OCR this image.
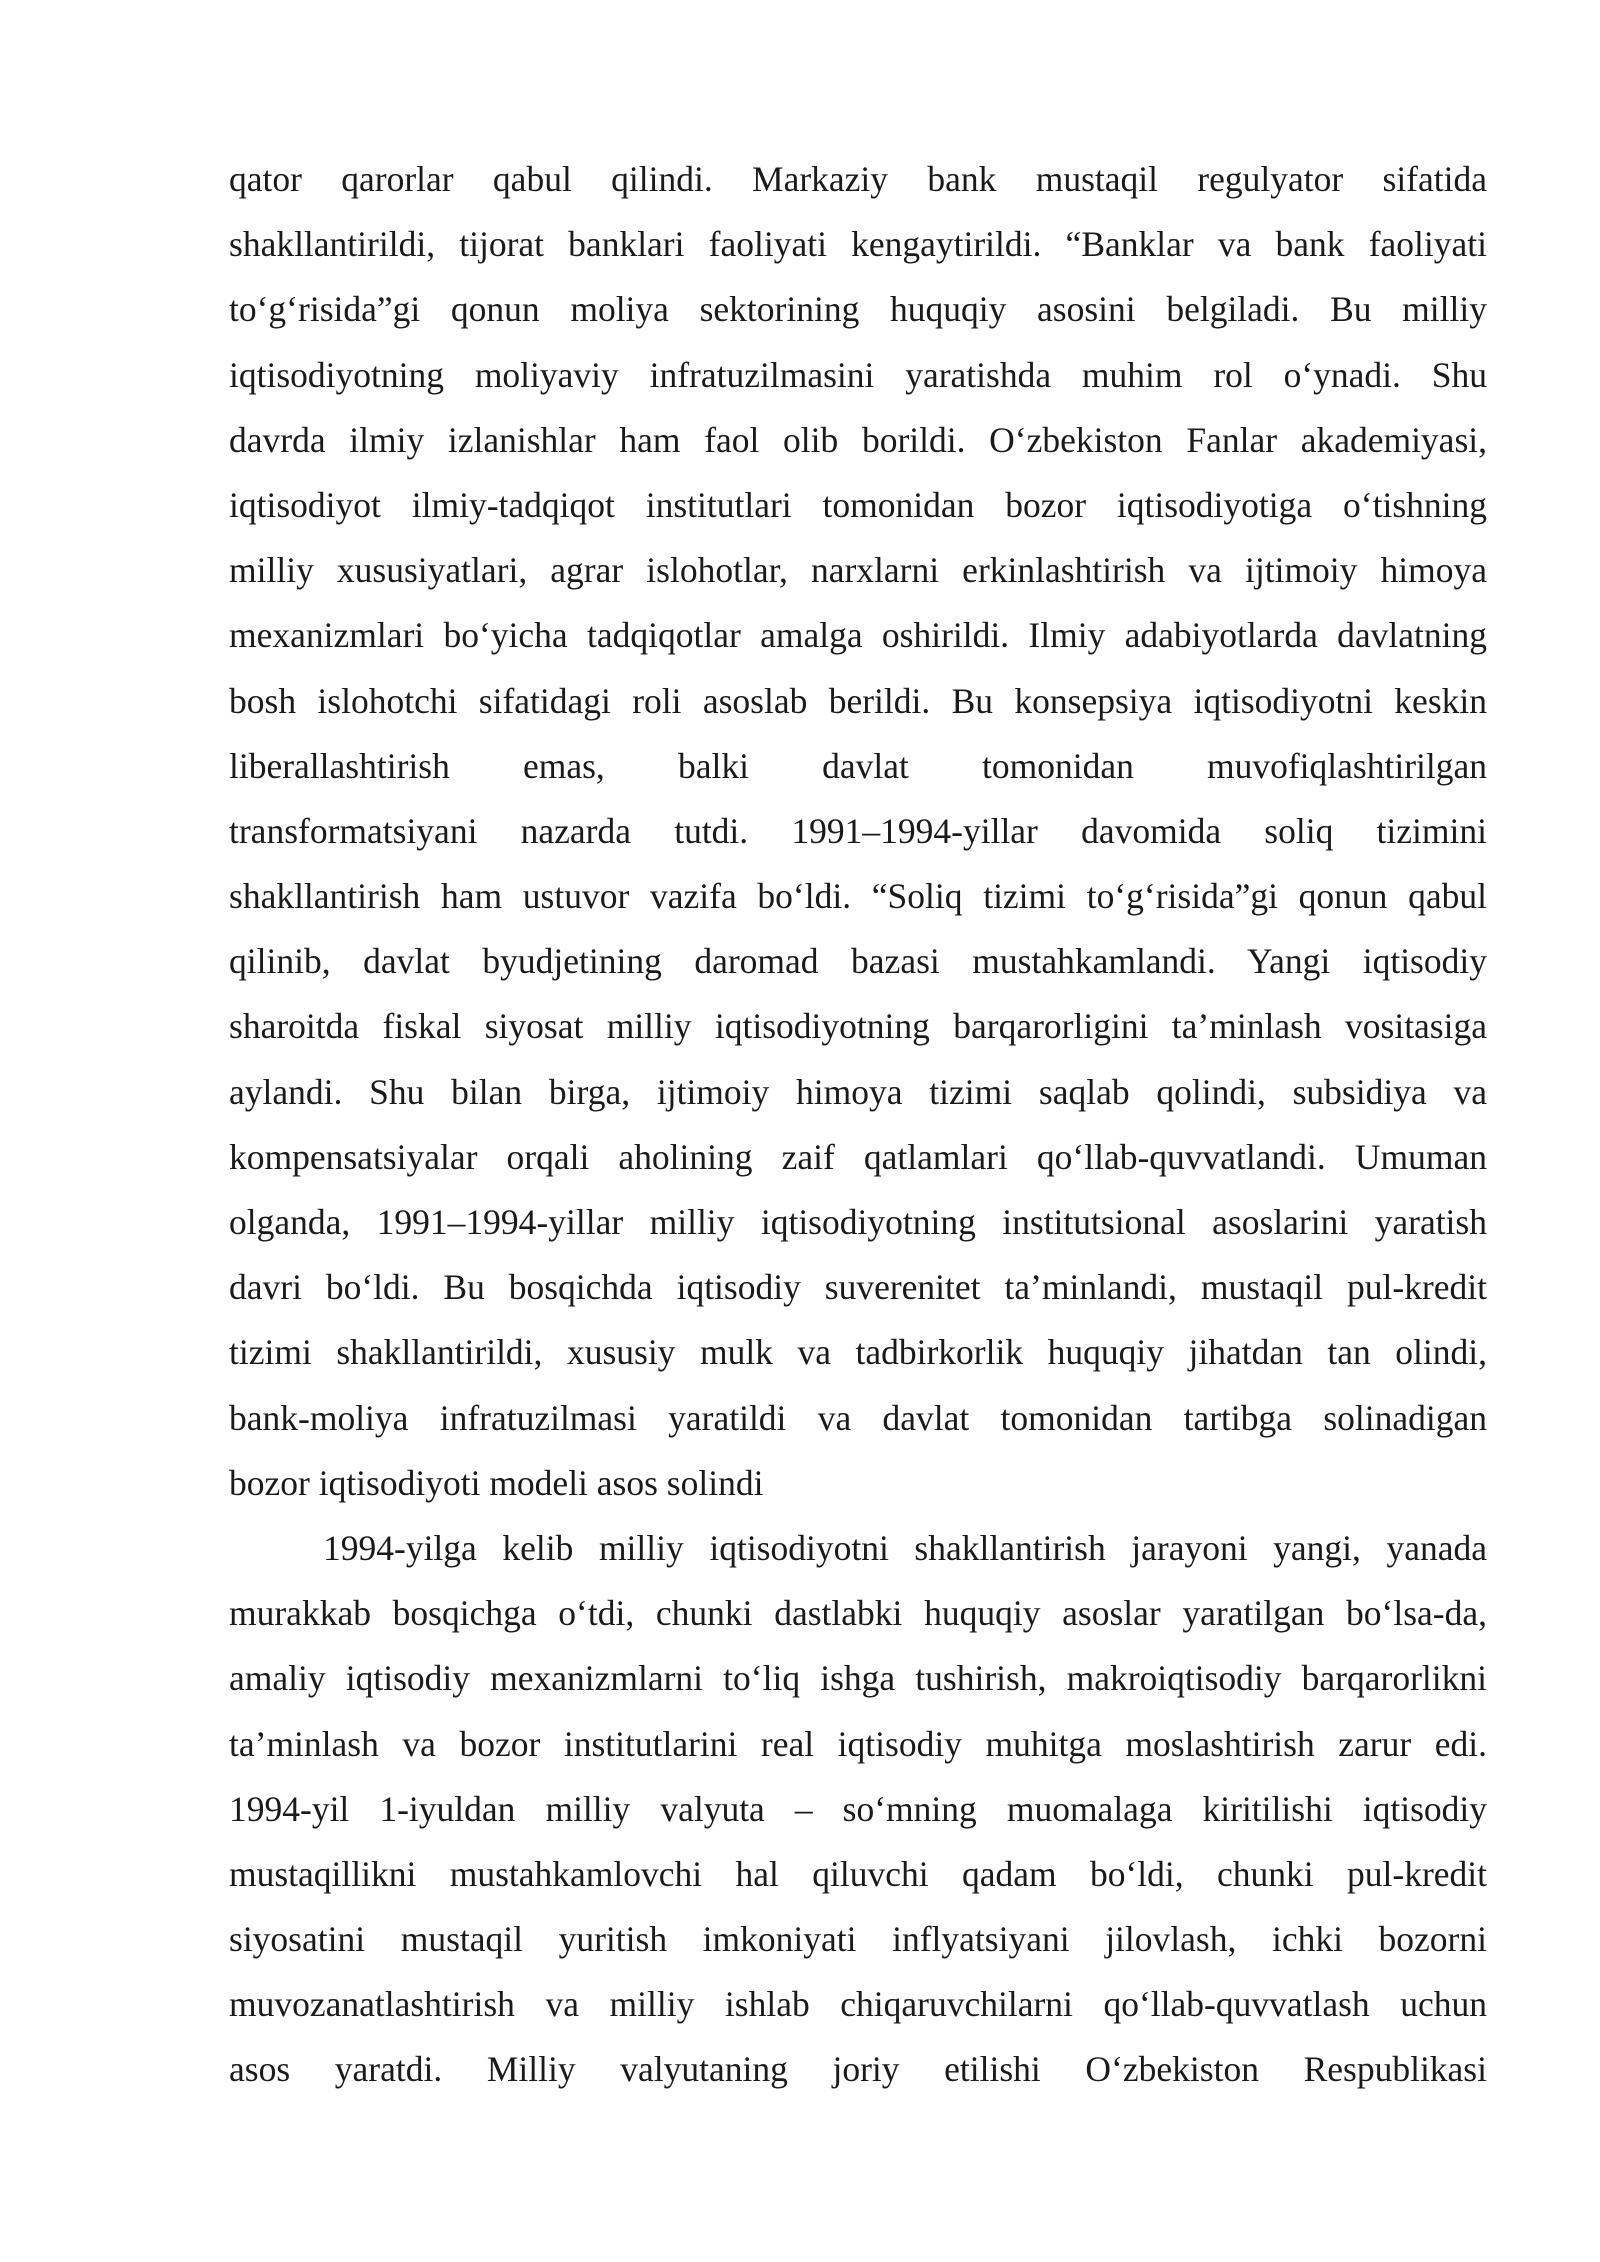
qator qarorlar qabul qilindi. Markaziy bank mustaqil regulyator sifatida
shakllantirildi, tijorat banklari faoliyati kengaytirildi. “Banklar va bank faoliyati
to‘g‘risida”gi qonun moliya sektorining huquqiy asosini belgiladi. Bu milliy
iqtisodiyotning moliyaviy infratuzilmasini yaratishda muhim rol o‘ynadi. Shu
davrda ilmiy izlanishlar ham faol olib borildi. O‘zbekiston Fanlar akademiyasi,
iqtisodiyot ilmiy-tadqiqot institutlari tomonidan bozor iqtisodiyotiga o‘tishning
milliy xususiyatlari, agrar islohotlar, narxlarni erkinlashtirish va ijtimoiy himoya
mexanizmlari bo‘yicha tadqiqotlar amalga oshirildi. Ilmiy adabiyotlarda davlatning
bosh islohotchi sifatidagi roli asoslab berildi. Bu konsepsiya iqtisodiyotni keskin
liberallashtirish emas, balki davlat tomonidan muvofiqlashtirilgan
transformatsiyani nazarda tutdi. 1991–1994-yillar davomida soliq tizimini
shakllantirish ham ustuvor vazifa bo‘ldi. “Soliq tizimi to‘g‘risida”gi qonun qabul
qilinib, davlat byudjetining daromad bazasi mustahkamlandi. Yangi iqtisodiy
sharoitda fiskal siyosat milliy iqtisodiyotning barqarorligini ta’minlash vositasiga
aylandi. Shu bilan birga, ijtimoiy himoya tizimi saqlab qolindi, subsidiya va
kompensatsiyalar orqali aholining zaif qatlamlari qo‘llab-quvvatlandi. Umuman
olganda, 1991–1994-yillar milliy iqtisodiyotning institutsional asoslarini yaratish
davri bo‘ldi. Bu bosqichda iqtisodiy suverenitet ta’minlandi, mustaqil pul-kredit
tizimi shakllantirildi, xususiy mulk va tadbirkorlik huquqiy jihatdan tan olindi,
bank-moliya infratuzilmasi yaratildi va davlat tomonidan tartibga solinadigan
bozor iqtisodiyoti modeli asos solindi
1994-yilga kelib milliy iqtisodiyotni shakllantirish jarayoni yangi, yanada
murakkab bosqichga o‘tdi, chunki dastlabki huquqiy asoslar yaratilgan bo‘lsa-da,
amaliy iqtisodiy mexanizmlarni to‘liq ishga tushirish, makroiqtisodiy barqarorlikni
ta’minlash va bozor institutlarini real iqtisodiy muhitga moslashtirish zarur edi.
1994-yil 1-iyuldan milliy valyuta – so‘mning muomalaga kiritilishi iqtisodiy
mustaqillikni mustahkamlovchi hal qiluvchi qadam bo‘ldi, chunki pul-kredit
siyosatini mustaqil yuritish imkoniyati inflyatsiyani jilovlash, ichki bozorni
muvozanatlashtirish va milliy ishlab chiqaruvchilarni qo‘llab-quvvatlash uchun
asos yaratdi. Milliy valyutaning joriy etilishi O‘zbekiston Respublikasi
